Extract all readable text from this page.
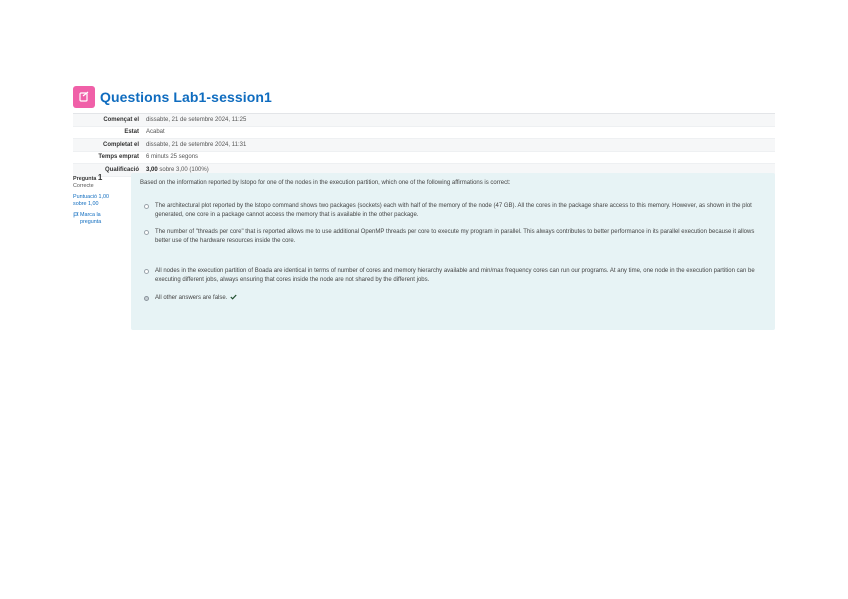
Questions Lab1-session1
Començat el	dissabte, 21 de setembre 2024, 11:25
Estat	Acabat
Completat el	dissabte, 21 de setembre 2024, 11:31
Temps emprat	6 minuts 25 segons
Qualificació	3,00 sobre 3,00 (100%)
Pregunta 1
Correcte
Puntuació 1,00 sobre 1,00
Marca la pregunta
Based on the information reported by lstopo for one of the nodes in the execution partition, which one of the following affirmations is correct:
The architectural plot reported by the lstopo command shows two packages (sockets) each with half of the memory of the node (47 GB). All the cores in the package share access to this memory. However, as shown in the plot generated, one core in a package cannot access the memory that is available in the other package.
The number of "threads per core" that is reported allows me to use additional OpenMP threads per core to execute my program in parallel. This always contributes to better performance in its parallel execution because it allows better use of the hardware resources inside the core.
All nodes in the execution partition of Boada are identical in terms of number of cores and memory hierarchy available and min/max frequency cores can run our programs. At any time, one node in the execution partition can be executing different jobs, always ensuring that cores inside the node are not shared by the different jobs.
All other answers are false.
